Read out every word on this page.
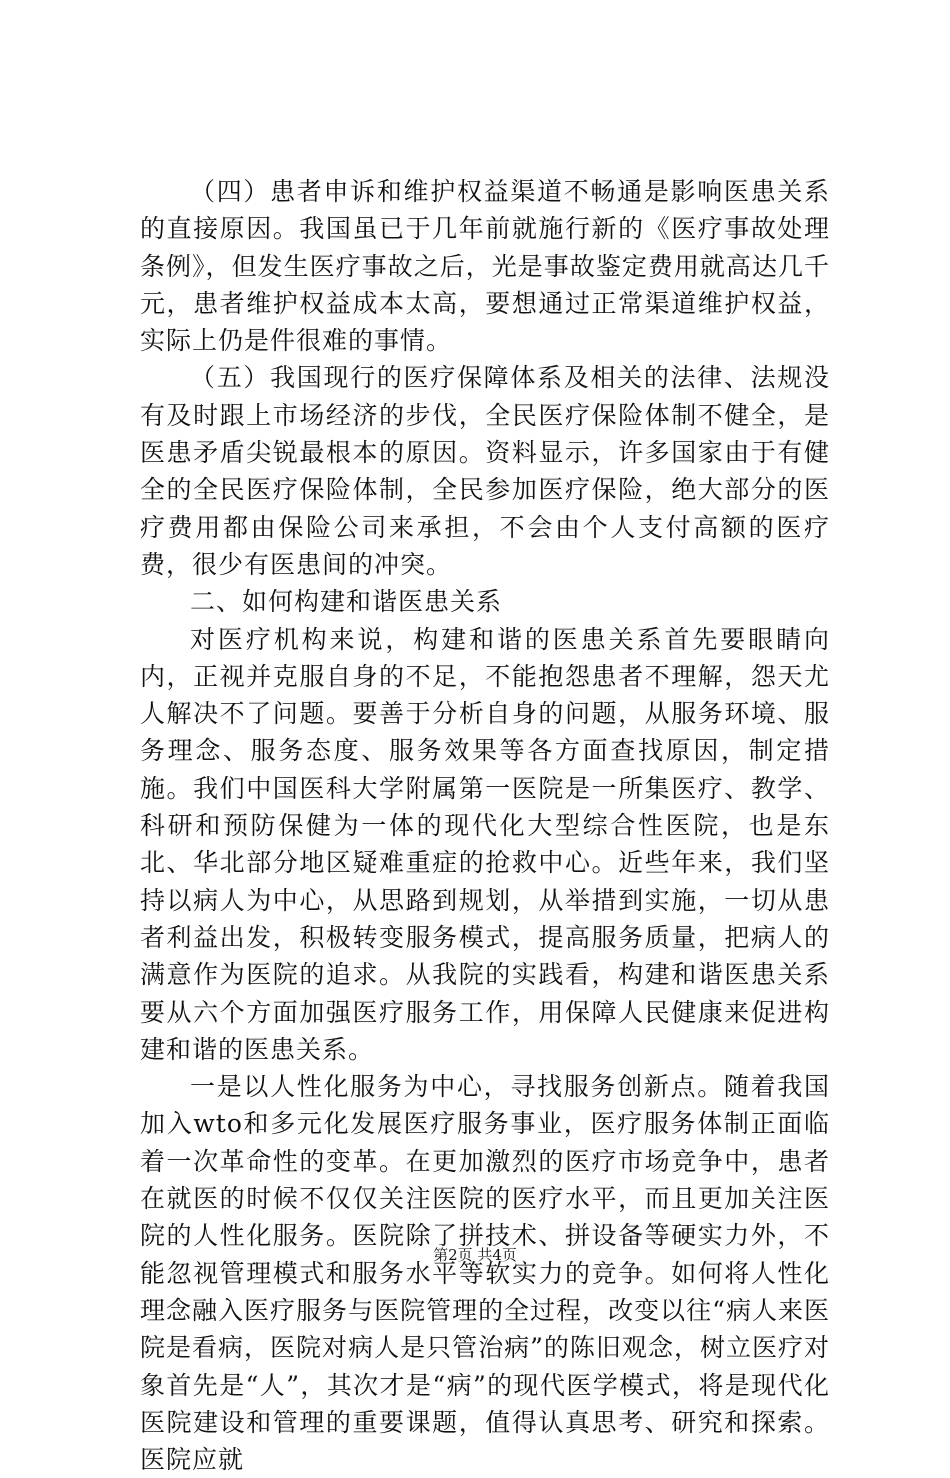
（四）患者申诉和维护权益渠道不畅通是影响医患关系的直接原因。我国虽已于几年前就施行新的《医疗事故处理条例》，但发生医疗事故之后，光是事故鉴定费用就高达几千元，患者维护权益成本太高，要想通过正常渠道维护权益，实际上仍是件很难的事情。

（五）我国现行的医疗保障体系及相关的法律、法规没有及时跟上市场经济的步伐，全民医疗保险体制不健全，是医患矛盾尖锐最根本的原因。资料显示，许多国家由于有健全的全民医疗保险体制，全民参加医疗保险，绝大部分的医疗费用都由保险公司来承担，不会由个人支付高额的医疗费，很少有医患间的冲突。

二、如何构建和谐医患关系

对医疗机构来说，构建和谐的医患关系首先要眼睛向内，正视并克服自身的不足，不能抱怨患者不理解，怨天尤人解决不了问题。要善于分析自身的问题，从服务环境、服务理念、服务态度、服务效果等各方面查找原因，制定措施。我们中国医科大学附属第一医院是一所集医疗、教学、科研和预防保健为一体的现代化大型综合性医院，也是东北、华北部分地区疑难重症的抢救中心。近些年来，我们坚持以病人为中心，从思路到规划，从举措到实施，一切从患者利益出发，积极转变服务模式，提高服务质量，把病人的满意作为医院的追求。从我院的实践看，构建和谐医患关系要从六个方面加强医疗服务工作，用保障人民健康来促进构建和谐的医患关系。

一是以人性化服务为中心，寻找服务创新点。随着我国加入wto和多元化发展医疗服务事业，医疗服务体制正面临着一次革命性的变革。在更加激烈的医疗市场竞争中，患者在就医的时候不仅仅关注医院的医疗水平，而且更加关注医院的人性化服务。医院除了拼技术、拼设备等硬实力外，不能忽视管理模式和服务水平等软实力的竞争。如何将人性化理念融入医疗服务与医院管理的全过程，改变以往“病人来医院是看病，医院对病人是只管治病”的陈旧观念，树立医疗对象首先是“人”，其次才是“病”的现代医学模式，将是现代化医院建设和管理的重要课题，值得认真思考、研究和探索。医院应就

第2页 共4页
